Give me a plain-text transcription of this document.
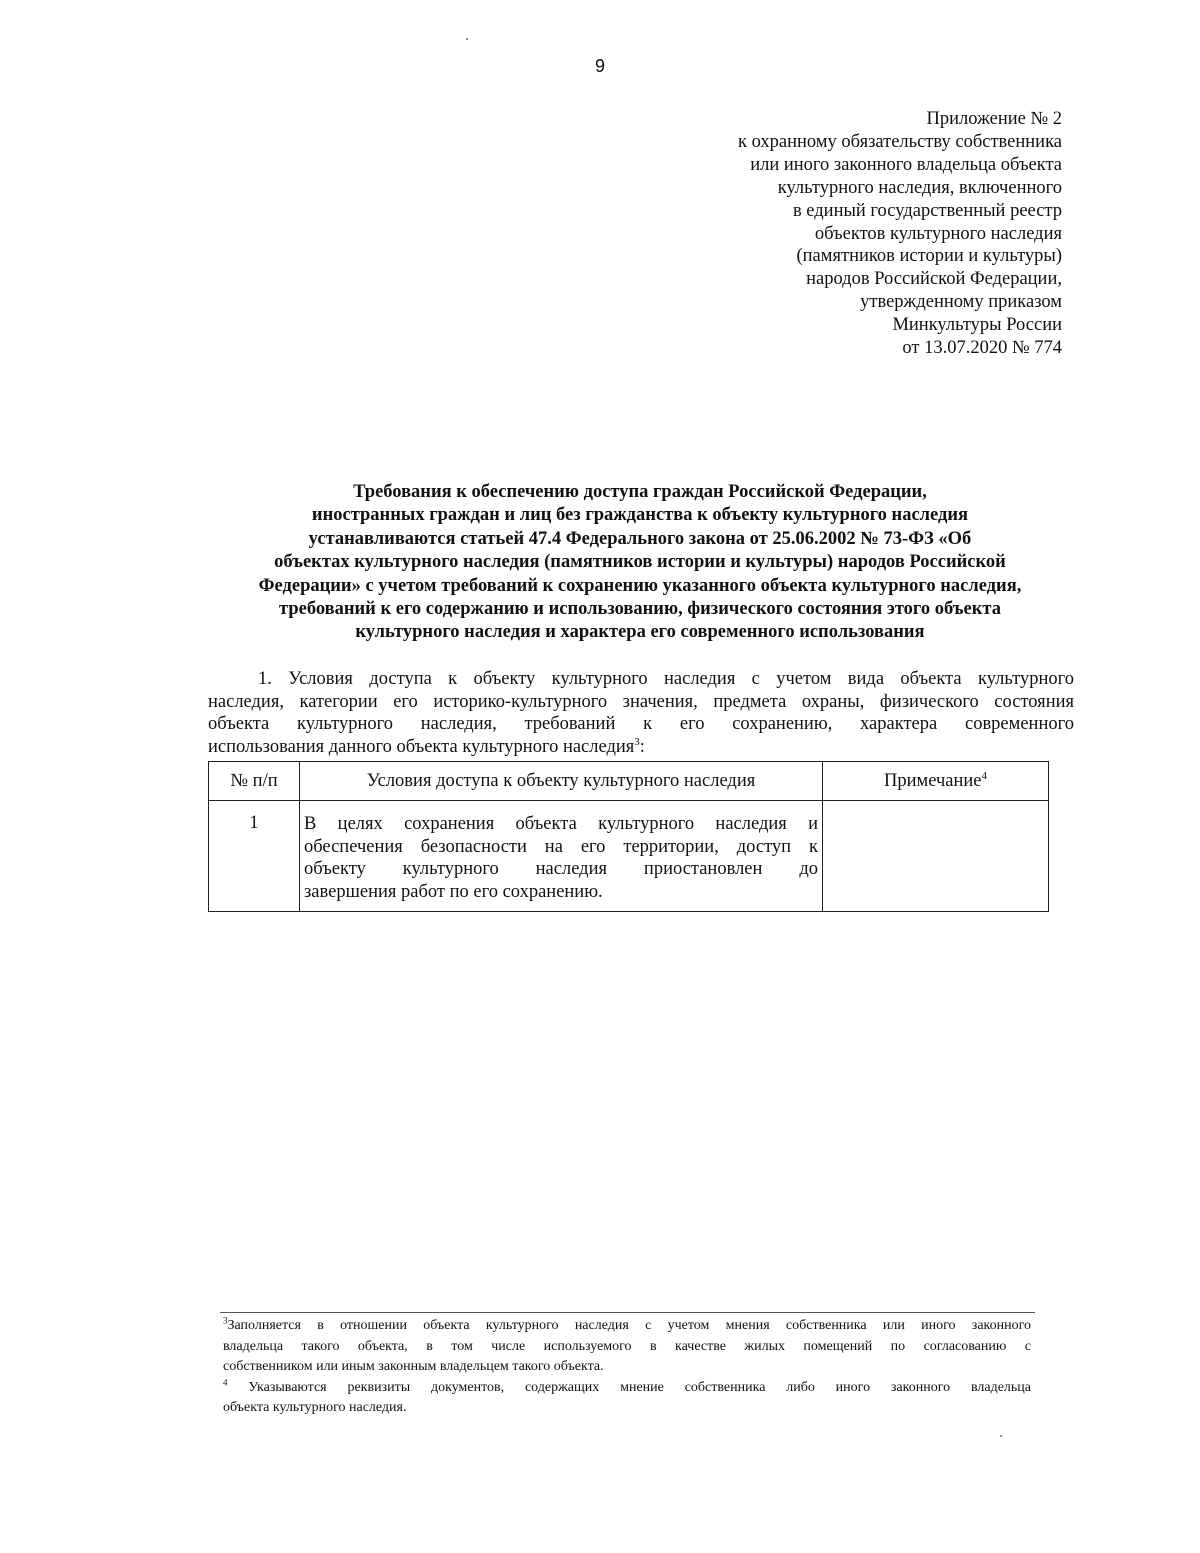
9
Приложение № 2
к охранному обязательству собственника
или иного законного владельца объекта
культурного наследия, включенного
в единый государственный реестр
объектов культурного наследия
(памятников истории и культуры)
народов Российской Федерации,
утвержденному приказом
Минкультуры России
от 13.07.2020 № 774
Требования к обеспечению доступа граждан Российской Федерации,
иностранных граждан и лиц без гражданства к объекту культурного наследия
устанавливаются статьей 47.4 Федерального закона от 25.06.2002 № 73-ФЗ «Об
объектах культурного наследия (памятников истории и культуры) народов Российской
Федерации» с учетом требований к сохранению указанного объекта культурного наследия,
требований к его содержанию и использованию, физического состояния этого объекта
культурного наследия и характера его современного использования
1. Условия доступа к объекту культурного наследия с учетом вида объекта культурного
наследия, категории его историко-культурного значения, предмета охраны, физического состояния
объекта культурного наследия, требований к его сохранению, характера современного
использования данного объекта культурного наследия$^3$:
№ п/п	Условия доступа к объекту культурного наследия	Примечание$^4$
1	В целях сохранения объекта культурного наследия и
обеспечения безопасности на его территории, доступ к
объекту культурного наследия приостановлен до
завершения работ по его сохранению.	

$^3$Заполняется в отношении объекта культурного наследия с учетом мнения собственника или иного законного
владельца такого объекта, в том числе используемого в качестве жилых помещений по согласованию с
собственником или иным законным владельцем такого объекта.
$^4$ Указываются реквизиты документов, содержащих мнение собственника либо иного законного владельца
объекта культурного наследия.
